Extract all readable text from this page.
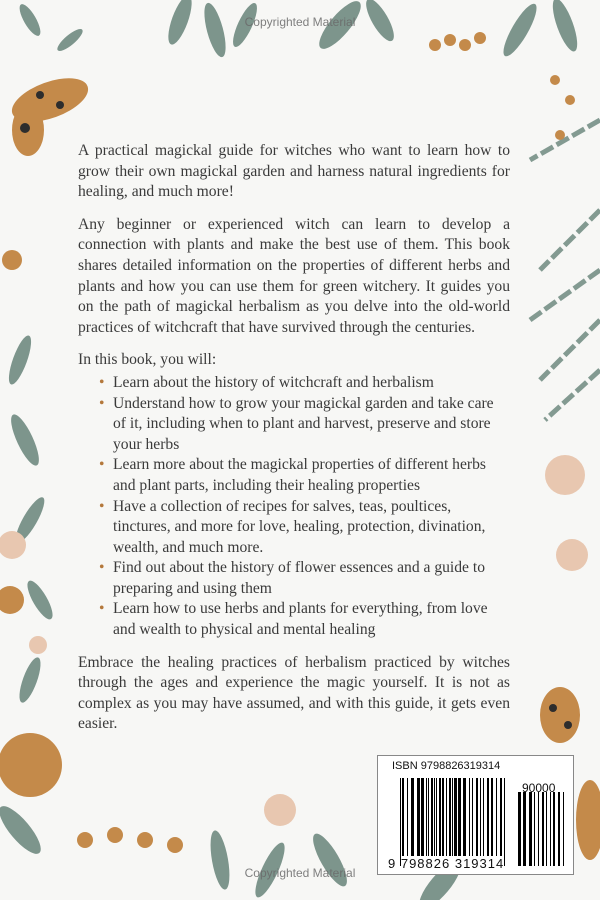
Copyrighted Material
Copyrighted Material

A practical magickal guide for witches who want to learn how to grow their own magickal garden and harness natural ingredients for healing, and much more!

Any beginner or experienced witch can learn to develop a connection with plants and make the best use of them. This book shares detailed information on the properties of different herbs and plants and how you can use them for green witchery. It guides you on the path of magickal herbalism as you delve into the old-world practices of witchcraft that have survived through the centuries.

In this book, you will:

• Learn about the history of witchcraft and herbalism
• Understand how to grow your magickal garden and take care of it, including when to plant and harvest, preserve and store your herbs
• Learn more about the magickal properties of different herbs and plant parts, including their healing properties
• Have a collection of recipes for salves, teas, poultices, tinctures, and more for love, healing, protection, divination, wealth, and much more.
• Find out about the history of flower essences and a guide to preparing and using them
• Learn how to use herbs and plants for everything, from love and wealth to physical and mental healing

Embrace the healing practices of herbalism practiced by witches through the ages and experience the magic yourself. It is not as complex as you may have assumed, and with this guide, it gets even easier.

ISBN 9798826319314
90000
9 798826 319314
